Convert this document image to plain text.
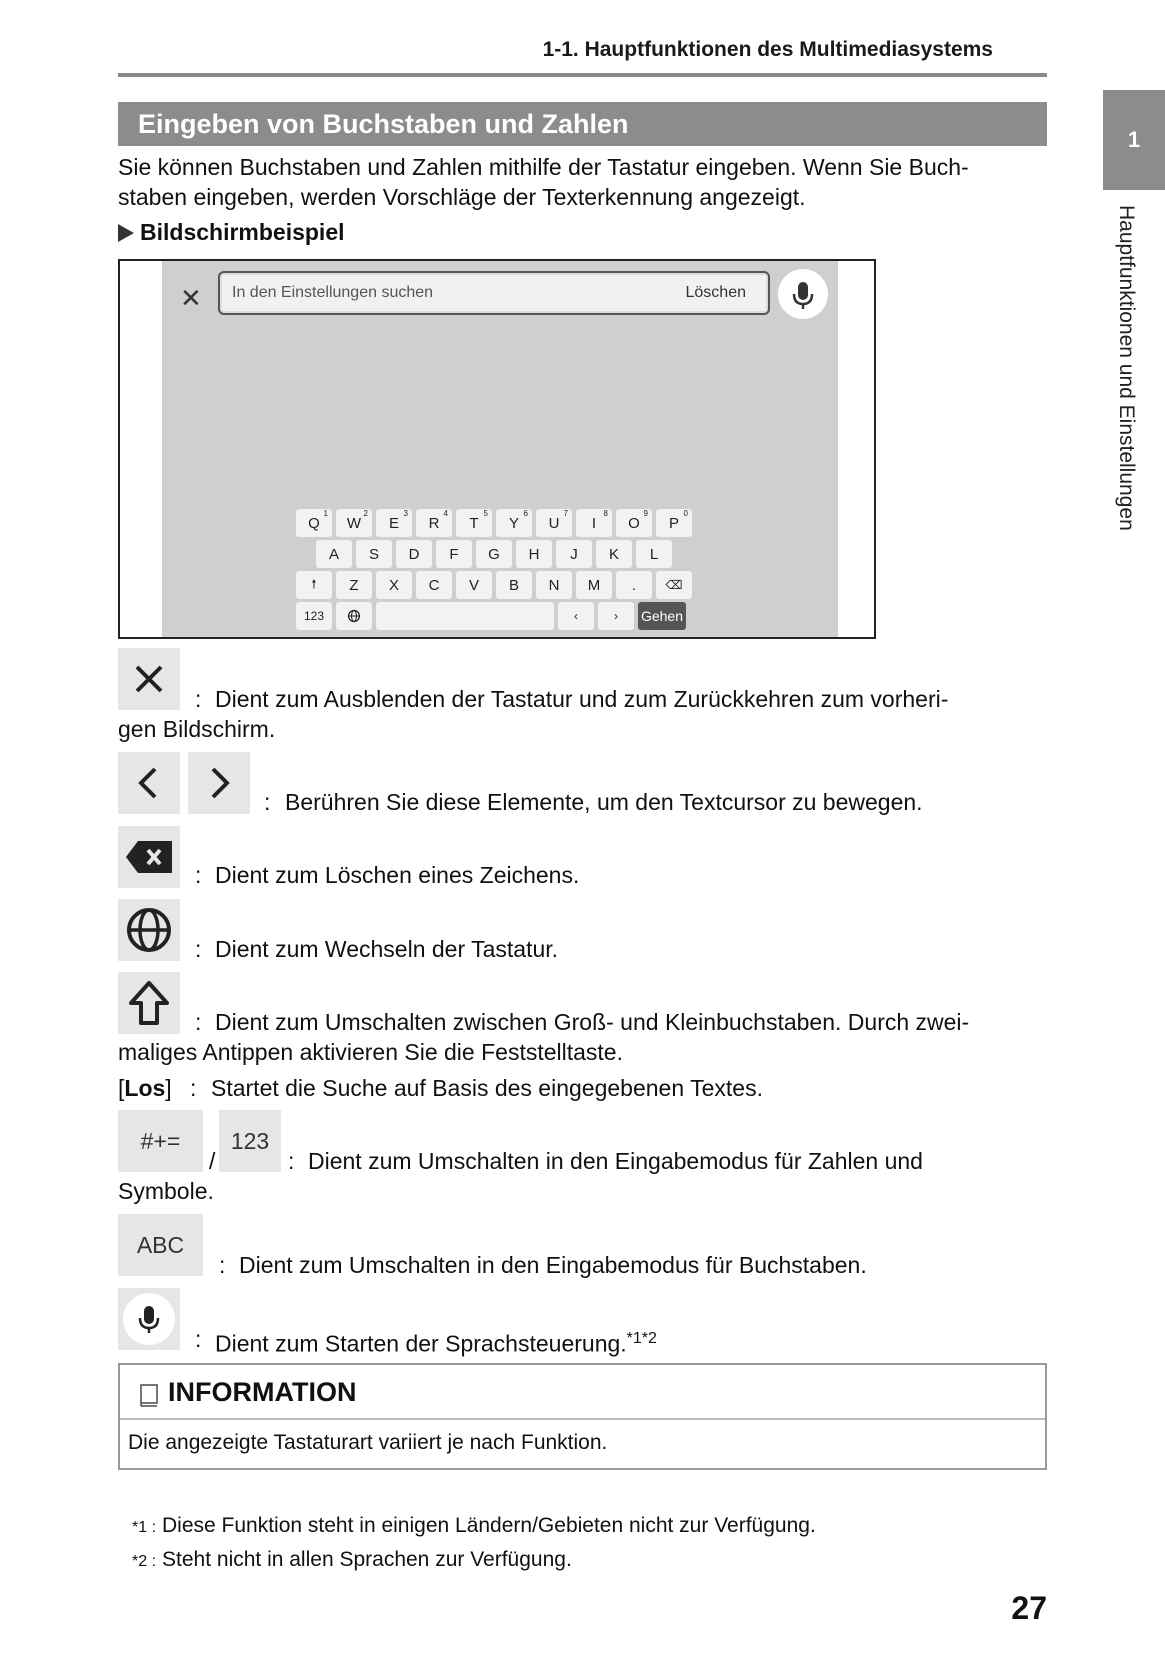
1-1. Hauptfunktionen des Multimediasystems
1
Hauptfunktionen und Einstellungen
Eingeben von Buchstaben und Zahlen
Sie können Buchstaben und Zahlen mithilfe der Tastatur eingeben. Wenn Sie Buch-
staben eingeben, werden Vorschläge der Texterkennung angezeigt.
Bildschirmbeispiel
✕ In den Einstellungen suchen	Löschen
Q
$^1$
W
$^2$
E
$^3$
R
$^4$
T
$^5$
Y
$^6$
U
$^7$
I
$^8$
O
$^9$
P
$^0$
A	S	D	F	G	H	J	K	L
🠕	Z	X	C	V	B	N	M	.	⌫
123	‹	›	Gehen
: Dient zum Ausblenden der Tastatur und zum Zurückkehren zum vorheri-
gen Bildschirm.
: Berühren Sie diese Elemente, um den Textcursor zu bewegen.
: Dient zum Löschen eines Zeichens.
: Dient zum Wechseln der Tastatur.
: Dient zum Umschalten zwischen Groß- und Kleinbuchstaben. Durch zwei-
maliges Antippen aktivieren Sie die Feststelltaste.
[Los] : Startet die Suche auf Basis des eingegebenen Textes.
#+=
/
123
: Dient zum Umschalten in den Eingabemodus für Zahlen und
Symbole.
ABC
: Dient zum Umschalten in den Eingabemodus für Buchstaben.
: Dient zum Starten der Sprachsteuerung.$^{*1*2}$
INFORMATION
Die angezeigte Tastaturart variiert je nach Funktion.
*1 : Diese Funktion steht in einigen Ländern/Gebieten nicht zur Verfügung.
*2 : Steht nicht in allen Sprachen zur Verfügung.
27
